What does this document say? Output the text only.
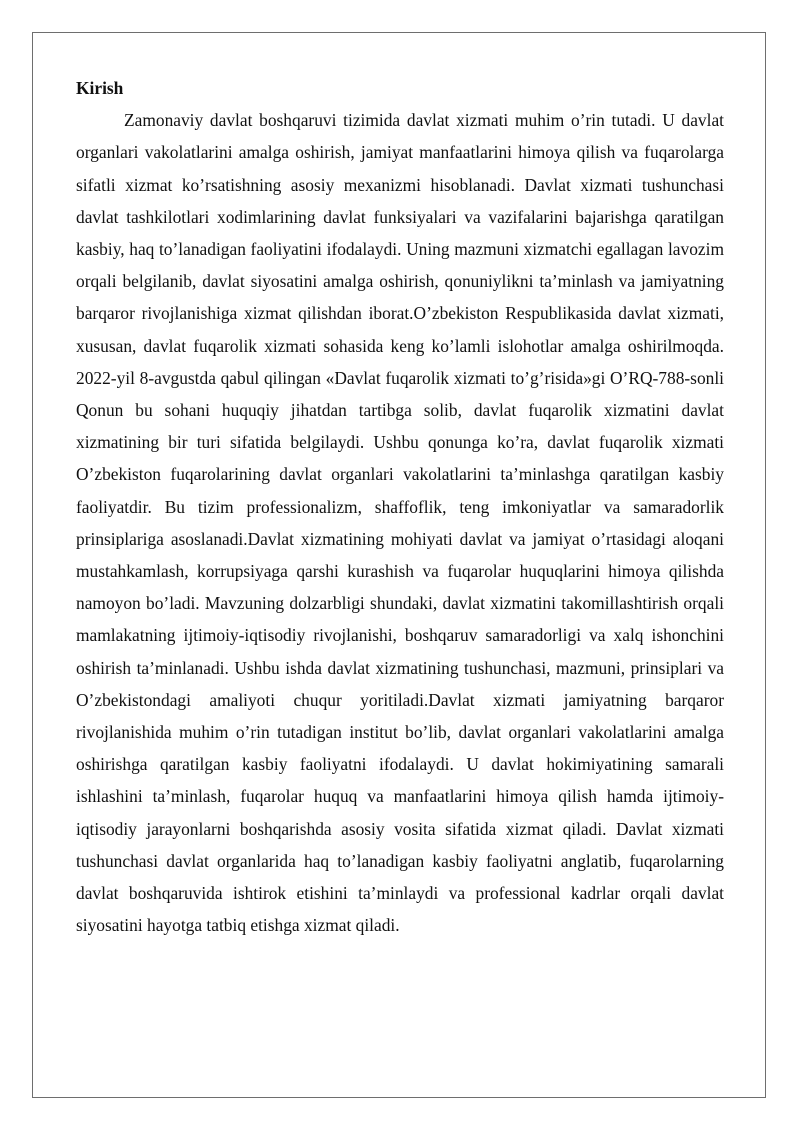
Kirish

Zamonaviy davlat boshqaruvi tizimida davlat xizmati muhim o’rin tutadi. U davlat organlari vakolatlarini amalga oshirish, jamiyat manfaatlarini himoya qilish va fuqarolarga sifatli xizmat ko’rsatishning asosiy mexanizmi hisoblanadi. Davlat xizmati tushunchasi davlat tashkilotlari xodimlarining davlat funksiyalari va vazifalarini bajarishga qaratilgan kasbiy, haq to’lanadigan faoliyatini ifodalaydi. Uning mazmuni xizmatchi egallagan lavozim orqali belgilanib, davlat siyosatini amalga oshirish, qonuniylikni ta’minlash va jamiyatning barqaror rivojlanishiga xizmat qilishdan iborat.O’zbekiston Respublikasida davlat xizmati, xususan, davlat fuqarolik xizmati sohasida keng ko’lamli islohotlar amalga oshirilmoqda. 2022-yil 8-avgustda qabul qilingan «Davlat fuqarolik xizmati to’g’risida»gi O’RQ-788-sonli Qonun bu sohani huquqiy jihatdan tartibga solib, davlat fuqarolik xizmatini davlat xizmatining bir turi sifatida belgilaydi. Ushbu qonunga ko’ra, davlat fuqarolik xizmati O’zbekiston fuqarolarining davlat organlari vakolatlarini ta’minlashga qaratilgan kasbiy faoliyatdir. Bu tizim professionalizm, shaffoflik, teng imkoniyatlar va samaradorlik prinsiplariga asoslanadi.Davlat xizmatining mohiyati davlat va jamiyat o’rtasidagi aloqani mustahkamlash, korrupsiyaga qarshi kurashish va fuqarolar huquqlarini himoya qilishda namoyon bo’ladi. Mavzuning dolzarbligi shundaki, davlat xizmatini takomillashtirish orqali mamlakatning ijtimoiy-iqtisodiy rivojlanishi, boshqaruv samaradorligi va xalq ishonchini oshirish ta’minlanadi. Ushbu ishda davlat xizmatining tushunchasi, mazmuni, prinsiplari va O’zbekistondagi amaliyoti chuqur yoritiladi.Davlat xizmati jamiyatning barqaror rivojlanishida muhim o’rin tutadigan institut bo’lib, davlat organlari vakolatlarini amalga oshirishga qaratilgan kasbiy faoliyatni ifodalaydi. U davlat hokimiyatining samarali ishlashini ta’minlash, fuqarolar huquq va manfaatlarini himoya qilish hamda ijtimoiy-iqtisodiy jarayonlarni boshqarishda asosiy vosita sifatida xizmat qiladi. Davlat xizmati tushunchasi davlat organlarida haq to’lanadigan kasbiy faoliyatni anglatib, fuqarolarning davlat boshqaruvida ishtirok etishini ta’minlaydi va professional kadrlar orqali davlat siyosatini hayotga tatbiq etishga xizmat qiladi.
